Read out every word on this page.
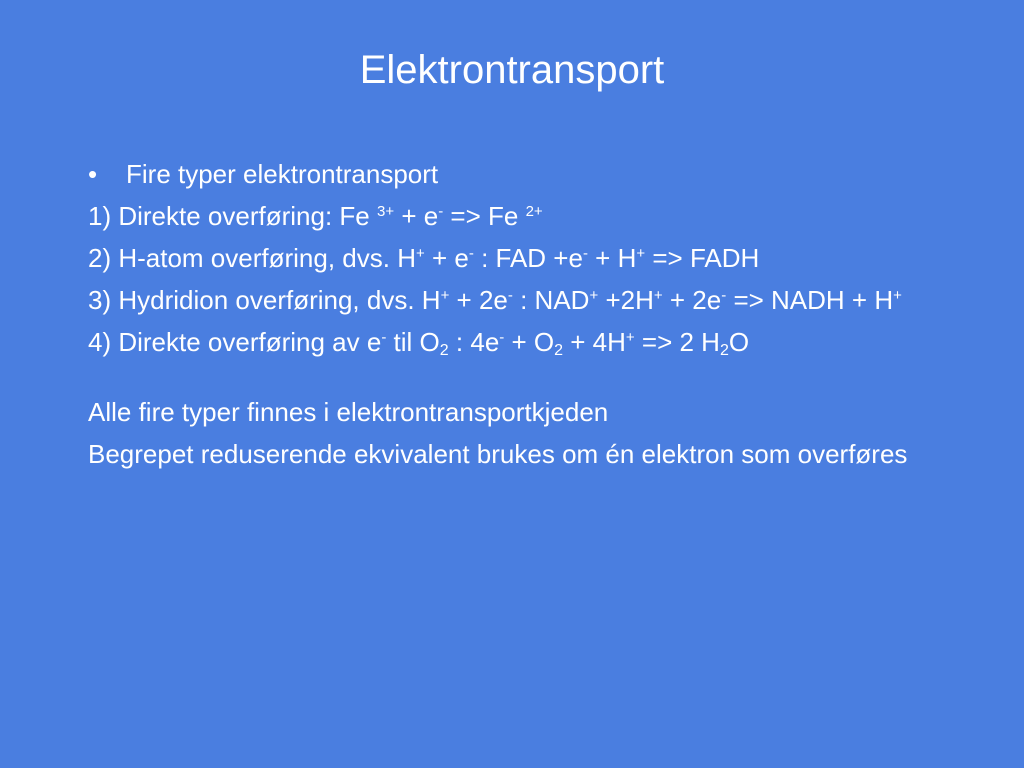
Elektrontransport

•	Fire typer elektrontransport

1) Direkte overføring: Fe $^{3+}$ + e- => Fe $^{2+}$

2) H-atom overføring, dvs. H+ + e- : FAD +e- + H+ => FADH

3) Hydridion overføring, dvs. H+ + 2e- : NAD+ +2H+ + 2e- => NADH + H+

4) Direkte overføring av e- til $O_2$ : $4e^- + O_2 + 4H^+ => 2$ $H_2O$

Alle fire typer finnes i elektrontransportkjeden

Begrepet reduserende ekvivalent brukes om én elektron som overføres
